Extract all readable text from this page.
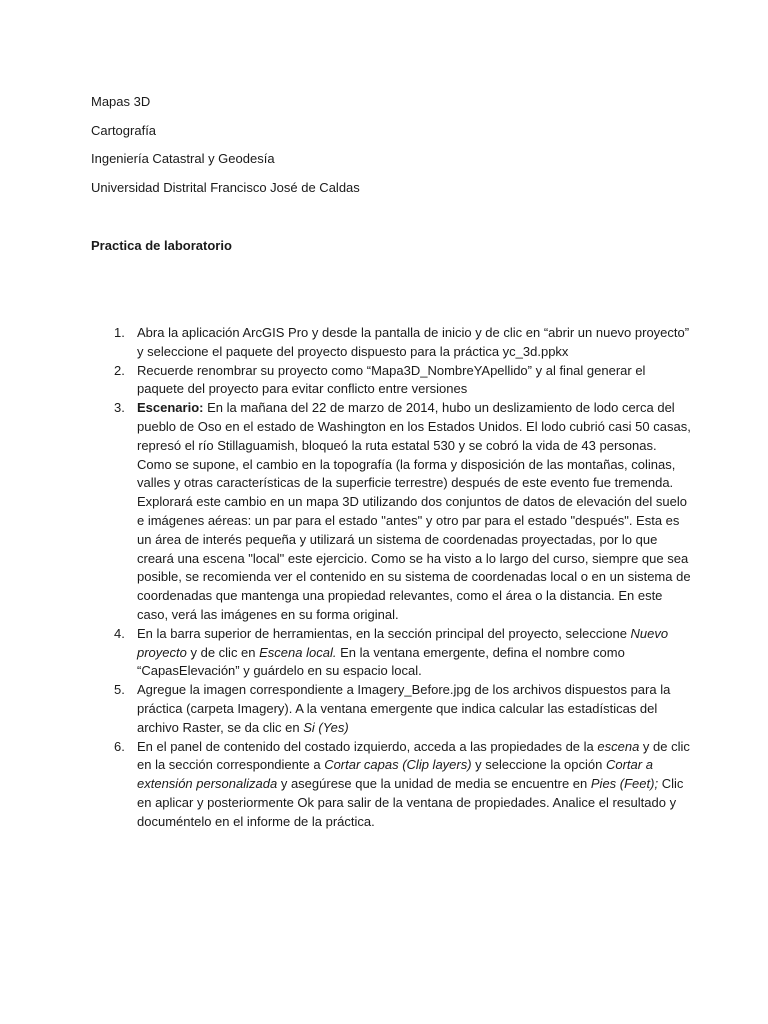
Mapas 3D
Cartografía
Ingeniería Catastral y Geodesía
Universidad Distrital Francisco José de Caldas
Practica de laboratorio
1. Abra la aplicación ArcGIS Pro y desde la pantalla de inicio y de clic en “abrir un nuevo proyecto” y seleccione el paquete del proyecto dispuesto para la práctica yc_3d.ppkx
2. Recuerde renombrar su proyecto como “Mapa3D_NombreYApellido” y al final generar el paquete del proyecto para evitar conflicto entre versiones
3. Escenario: En la mañana del 22 de marzo de 2014, hubo un deslizamiento de lodo cerca del pueblo de Oso en el estado de Washington en los Estados Unidos. El lodo cubrió casi 50 casas, represó el río Stillaguamish, bloqueó la ruta estatal 530 y se cobró la vida de 43 personas. Como se supone, el cambio en la topografía (la forma y disposición de las montañas, colinas, valles y otras características de la superficie terrestre) después de este evento fue tremenda. Explorará este cambio en un mapa 3D utilizando dos conjuntos de datos de elevación del suelo e imágenes aéreas: un par para el estado "antes" y otro par para el estado "después". Esta es un área de interés pequeña y utilizará un sistema de coordenadas proyectadas, por lo que creará una escena "local" este ejercicio. Como se ha visto a lo largo del curso, siempre que sea posible, se recomienda ver el contenido en su sistema de coordenadas local o en un sistema de coordenadas que mantenga una propiedad relevantes, como el área o la distancia. En este caso, verá las imágenes en su forma original.
4. En la barra superior de herramientas, en la sección principal del proyecto, seleccione Nuevo proyecto y de clic en Escena local. En la ventana emergente, defina el nombre como “CapasElevación” y guárdelo en su espacio local.
5. Agregue la imagen correspondiente a Imagery_Before.jpg de los archivos dispuestos para la práctica (carpeta Imagery). A la ventana emergente que indica calcular las estadísticas del archivo Raster, se da clic en Si (Yes)
6. En el panel de contenido del costado izquierdo, acceda a las propiedades de la escena y de clic en la sección correspondiente a Cortar capas (Clip layers) y seleccione la opción Cortar a extensión personalizada y asegúrese que la unidad de media se encuentre en Pies (Feet); Clic en aplicar y posteriormente Ok para salir de la ventana de propiedades. Analice el resultado y documéntelo en el informe de la práctica.
